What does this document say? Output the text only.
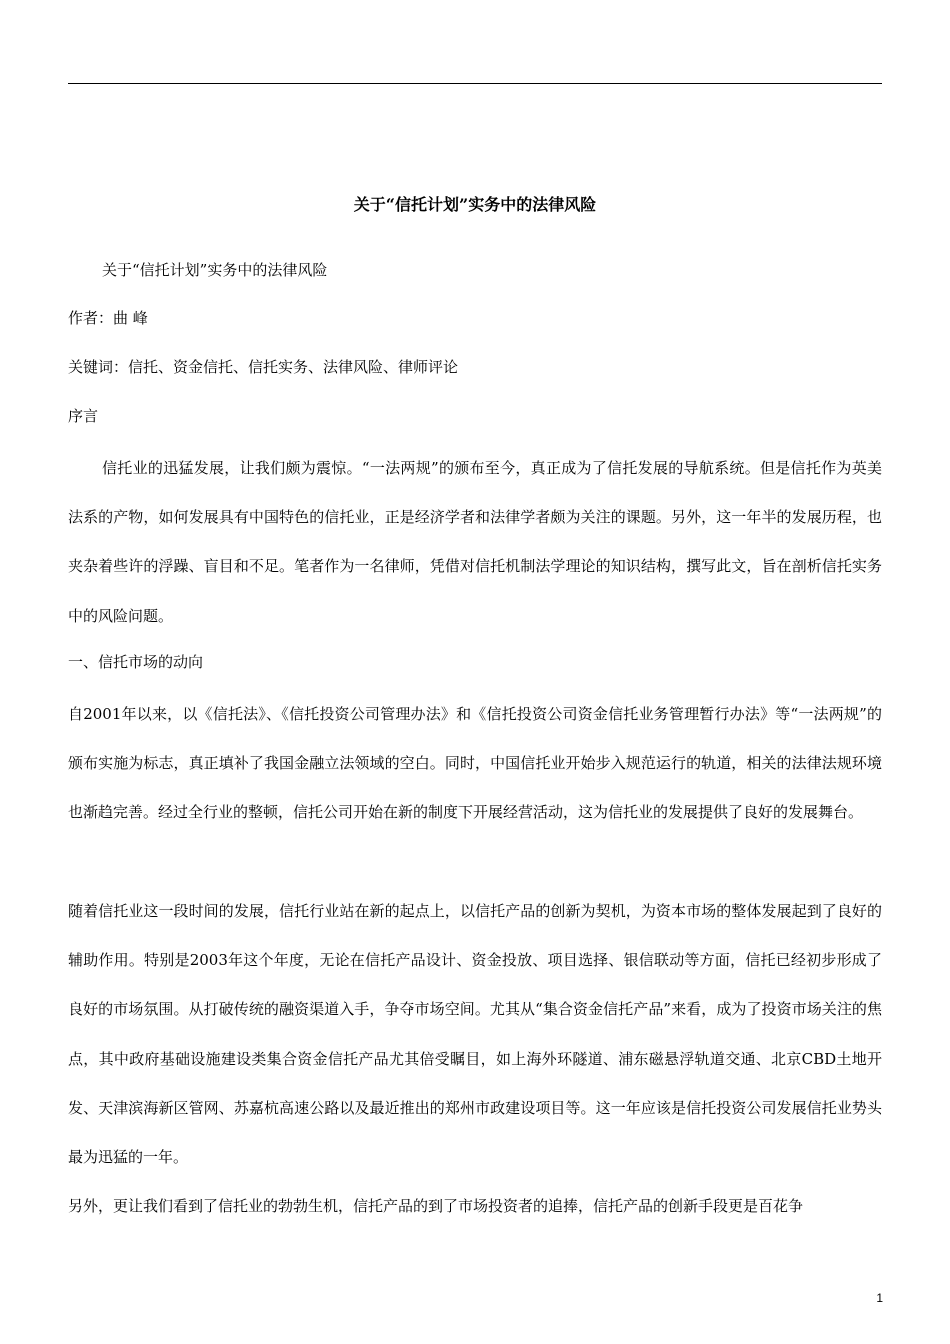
关于“信托计划”实务中的法律风险
关于“信托计划”实务中的法律风险
作者：曲 峰
关键词：信托、资金信托、信托实务、法律风险、律师评论
序言
信托业的迅猛发展，让我们颇为震惊。“一法两规”的颁布至今，真正成为了信托发展的导航系统。但是信托作为英美法系的产物，如何发展具有中国特色的信托业，正是经济学者和法律学者颇为关注的课题。另外，这一年半的发展历程，也夹杂着些许的浮躁、盲目和不足。笔者作为一名律师，凭借对信托机制法学理论的知识结构，撰写此文，旨在剖析信托实务中的风险问题。
一、信托市场的动向
自2001年以来，以《信托法》、《信托投资公司管理办法》和《信托投资公司资金信托业务管理暂行办法》等“一法两规”的颁布实施为标志，真正填补了我国金融立法领域的空白。同时，中国信托业开始步入规范运行的轨道，相关的法律法规环境也渐趋完善。经过全行业的整顿，信托公司开始在新的制度下开展经营活动，这为信托业的发展提供了良好的发展舞台。
随着信托业这一段时间的发展，信托行业站在新的起点上，以信托产品的创新为契机，为资本市场的整体发展起到了良好的辅助作用。特别是2003年这个年度，无论在信托产品设计、资金投放、项目选择、银信联动等方面，信托已经初步形成了良好的市场氛围。从打破传统的融资渠道入手，争夺市场空间。尤其从“集合资金信托产品”来看，成为了投资市场关注的焦点，其中政府基础设施建设类集合资金信托产品尤其倍受瞩目，如上海外环隧道、浦东磁悬浮轨道交通、北京CBD土地开发、天津滨海新区管网、苏嘉杭高速公路以及最近推出的郑州市政建设项目等。这一年应该是信托投资公司发展信托业势头最为迅猛的一年。
另外，更让我们看到了信托业的勃勃生机，信托产品的到了市场投资者的追捧，信托产品的创新手段更是百花争
1
